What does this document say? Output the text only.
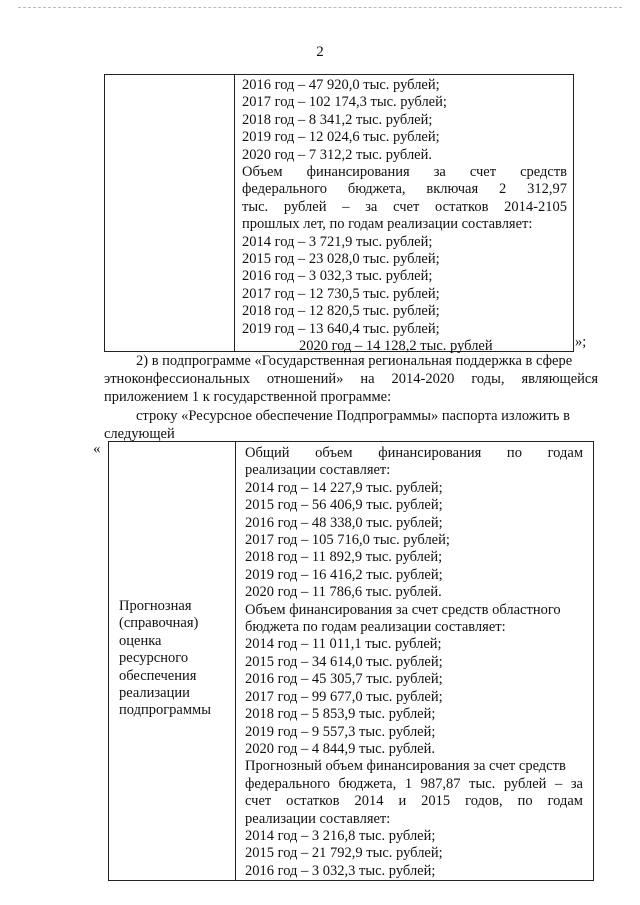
2
2016 год – 47 920,0 тыс. рублей;
2017 год – 102 174,3 тыс. рублей;
2018 год – 8 341,2 тыс. рублей;
2019 год – 12 024,6 тыс. рублей;
2020 год – 7 312,2 тыс. рублей.
Объем финансирования за счет средств
федерального бюджета, включая 2 312,97
тыс. рублей – за счет остатков 2014-2105
прошлых лет, по годам реализации составляет:
2014 год – 3 721,9 тыс. рублей;
2015 год – 23 028,0 тыс. рублей;
2016 год – 3 032,3 тыс. рублей;
2017 год – 12 730,5 тыс. рублей;
2018 год – 12 820,5 тыс. рублей;
2019 год – 13 640,4 тыс. рублей;
2020 год – 14 128,2 тыс. рублей	»;
2) в подпрограмме «Государственная региональная поддержка в сфере
этноконфессиональных отношений» на 2014-2020 годы, являющейся
приложением 1 к государственной программе:
строку «Ресурсное обеспечение Подпрограммы» паспорта изложить в
следующей
«
Прогнозная
(справочная)
оценка
ресурсного
обеспечения
реализации
подпрограммы
Общий объем финансирования по годам
реализации составляет:
2014 год – 14 227,9 тыс. рублей;
2015 год – 56 406,9 тыс. рублей;
2016 год – 48 338,0 тыс. рублей;
2017 год – 105 716,0 тыс. рублей;
2018 год – 11 892,9 тыс. рублей;
2019 год – 16 416,2 тыс. рублей;
2020 год – 11 786,6 тыс. рублей.
Объем финансирования за счет средств областного
бюджета по годам реализации составляет:
2014 год – 11 011,1 тыс. рублей;
2015 год – 34 614,0 тыс. рублей;
2016 год – 45 305,7 тыс. рублей;
2017 год – 99 677,0 тыс. рублей;
2018 год – 5 853,9 тыс. рублей;
2019 год – 9 557,3 тыс. рублей;
2020 год – 4 844,9 тыс. рублей.
Прогнозный объем финансирования за счет средств
федерального бюджета, 1 987,87 тыс. рублей – за
счет остатков 2014 и 2015 годов, по годам
реализации составляет:
2014 год – 3 216,8 тыс. рублей;
2015 год – 21 792,9 тыс. рублей;
2016 год – 3 032,3 тыс. рублей;
